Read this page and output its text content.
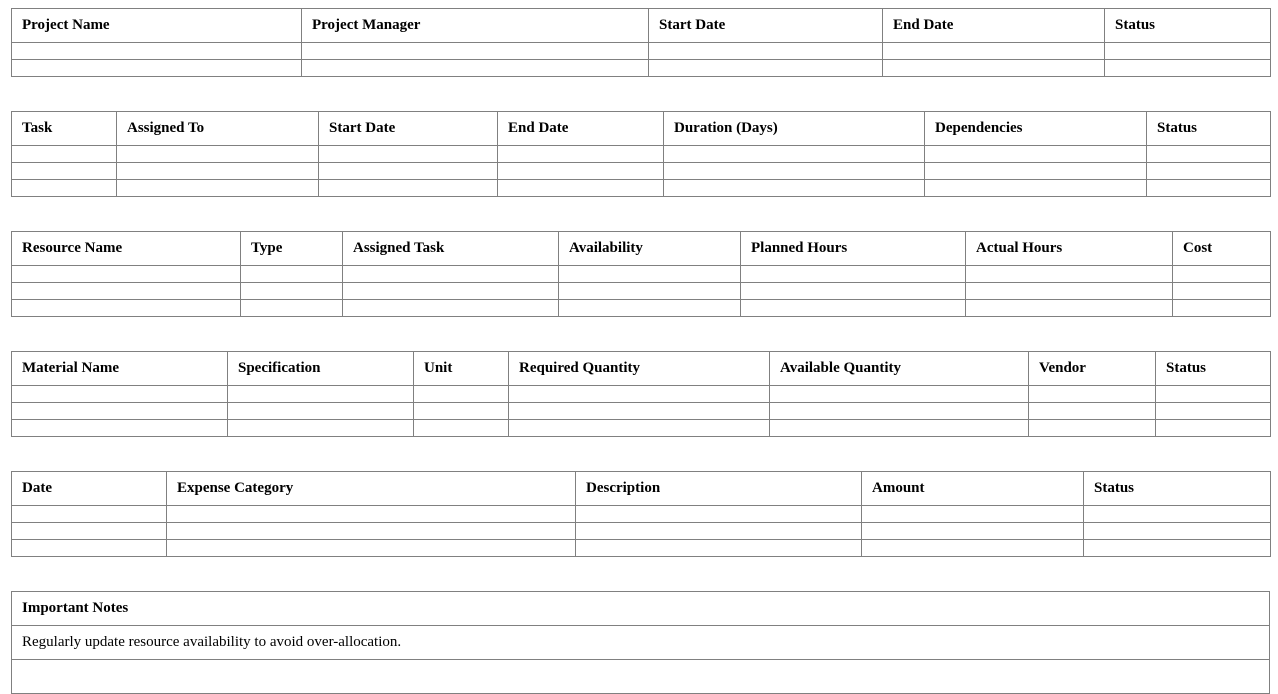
Project Name	Project Manager	Start Date	End Date	Status

Task	Assigned To	Start Date	End Date	Duration (Days)	Dependencies	Status

Resource Name	Type	Assigned Task	Availability	Planned Hours	Actual Hours	Cost

Material Name	Specification	Unit	Required Quantity	Available Quantity	Vendor	Status

Date	Expense Category	Description	Amount	Status

Important Notes
Regularly update resource availability to avoid over-allocation.
